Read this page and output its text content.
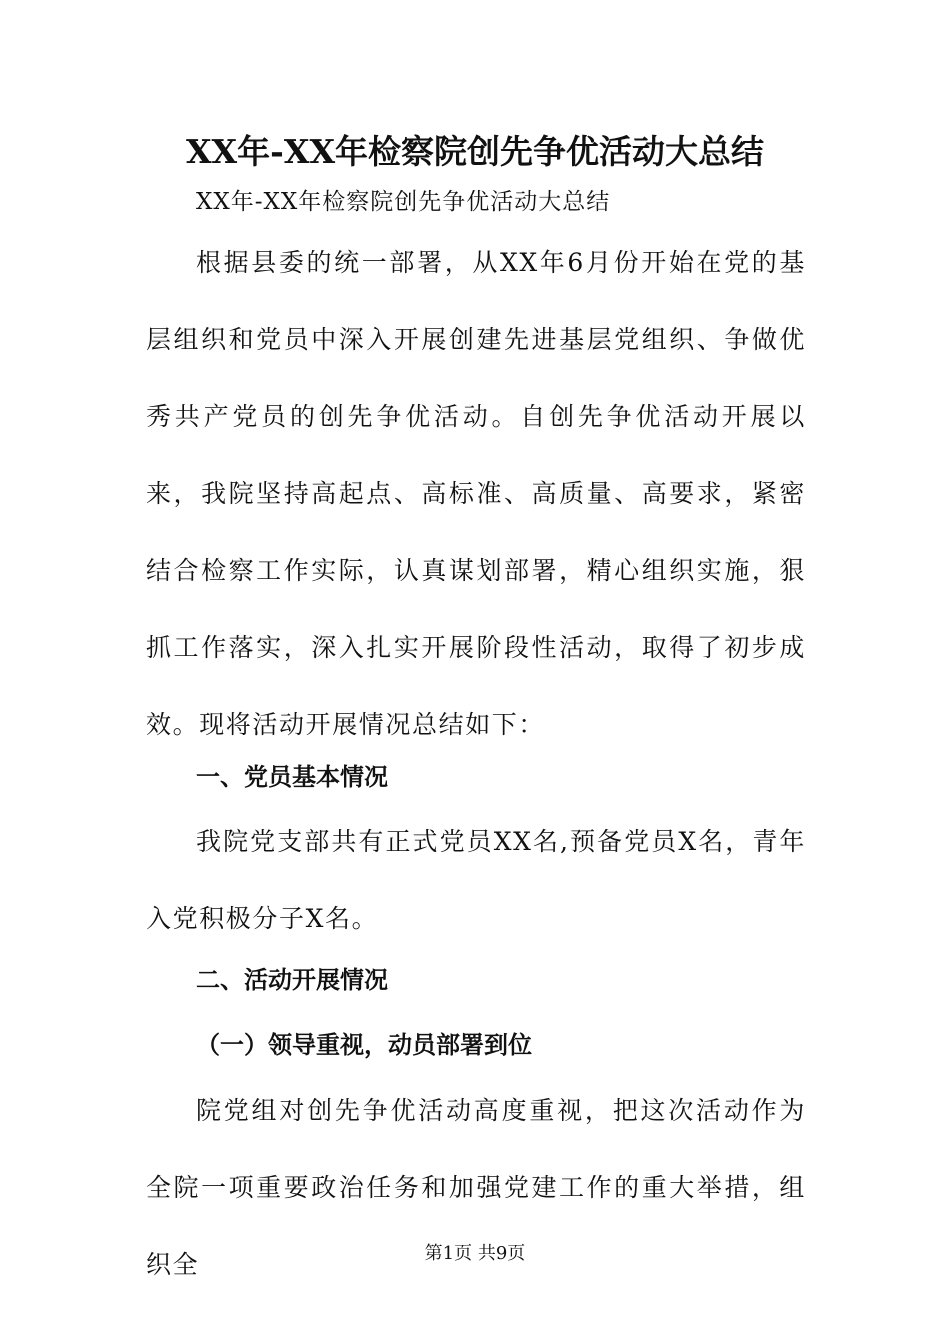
XX年-XX年检察院创先争优活动大总结
XX年-XX年检察院创先争优活动大总结

根据县委的统一部署，从XX年6月份开始在党的基层组织和党员中深入开展创建先进基层党组织、争做优秀共产党员的创先争优活动。自创先争优活动开展以来，我院坚持高起点、高标准、高质量、高要求，紧密结合检察工作实际，认真谋划部署，精心组织实施，狠抓工作落实，深入扎实开展阶段性活动，取得了初步成效。现将活动开展情况总结如下：

一、党员基本情况

我院党支部共有正式党员XX名,预备党员X名，青年入党积极分子X名。

二、活动开展情况
（一）领导重视，动员部署到位

院党组对创先争优活动高度重视，把这次活动作为全院一项重要政治任务和加强党建工作的重大举措，组织全	第1页 共9页
